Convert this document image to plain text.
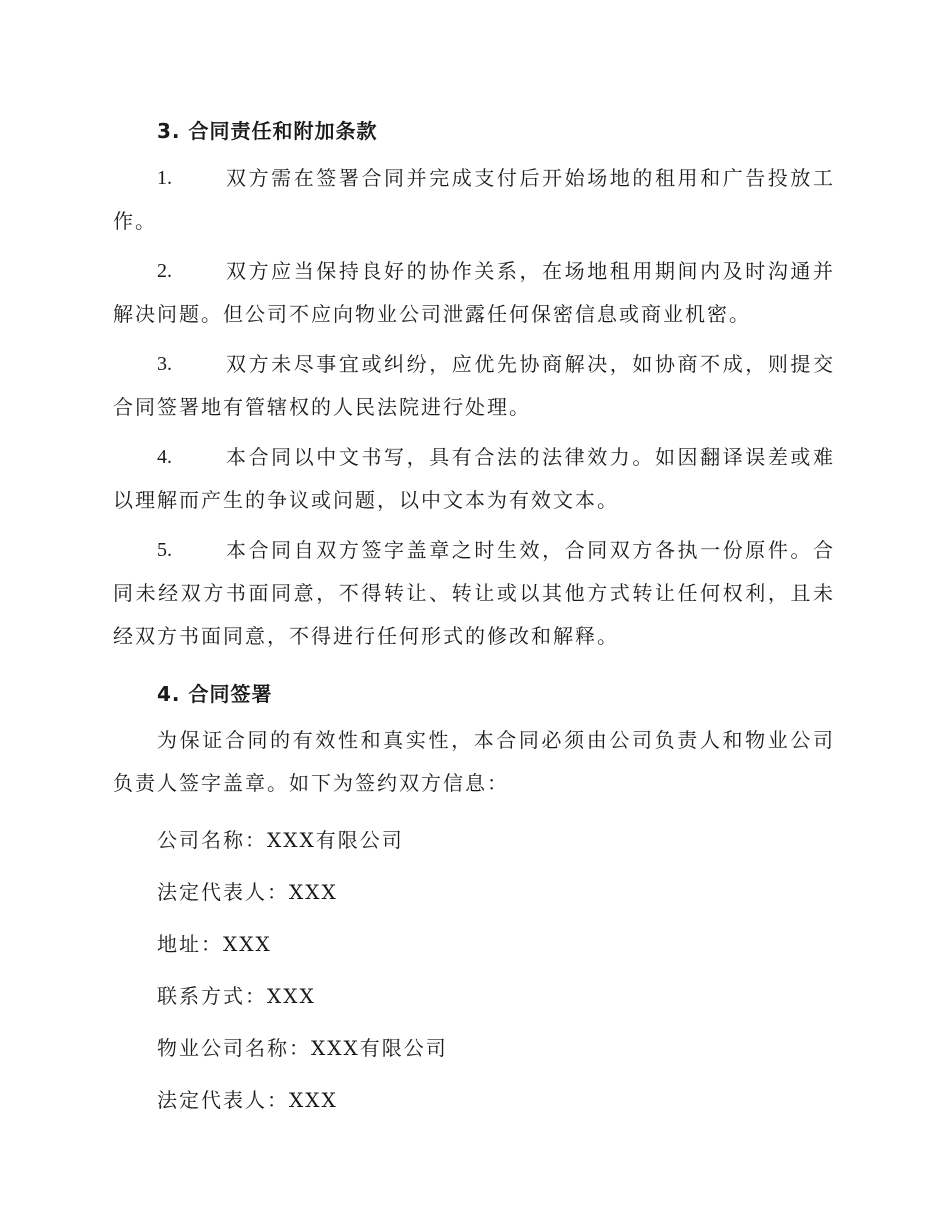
3. 合同责任和附加条款
1.	双方需在签署合同并完成支付后开始场地的租用和广告投放工作。
2.	双方应当保持良好的协作关系，在场地租用期间内及时沟通并解决问题。但公司不应向物业公司泄露任何保密信息或商业机密。
3.	双方未尽事宜或纠纷，应优先协商解决，如协商不成，则提交合同签署地有管辖权的人民法院进行处理。
4.	本合同以中文书写，具有合法的法律效力。如因翻译误差或难以理解而产生的争议或问题，以中文本为有效文本。
5.	本合同自双方签字盖章之时生效，合同双方各执一份原件。合同未经双方书面同意，不得转让、转让或以其他方式转让任何权利，且未经双方书面同意，不得进行任何形式的修改和解释。
4. 合同签署
为保证合同的有效性和真实性，本合同必须由公司负责人和物业公司负责人签字盖章。如下为签约双方信息：
公司名称：XXX有限公司
法定代表人：XXX
地址：XXX
联系方式：XXX
物业公司名称：XXX有限公司
法定代表人：XXX
